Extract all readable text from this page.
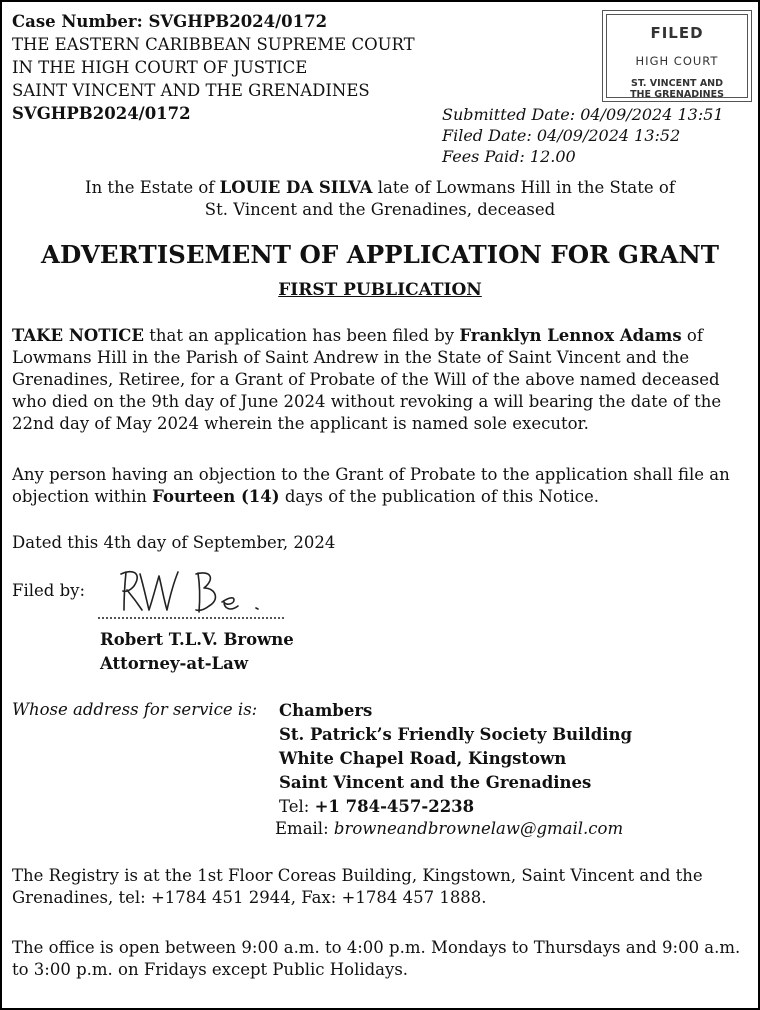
Case Number: SVGHPB2024/0172
THE EASTERN CARIBBEAN SUPREME COURT
IN THE HIGH COURT OF JUSTICE
SAINT VINCENT AND THE GRENADINES
SVGHPB2024/0172
FILED
HIGH COURT
ST. VINCENT AND
THE GRENADINES
Submitted Date: 04/09/2024 13:51
Filed Date: 04/09/2024 13:52
Fees Paid: 12.00
In the Estate of LOUIE DA SILVA late of Lowmans Hill in the State of
St. Vincent and the Grenadines, deceased
ADVERTISEMENT OF APPLICATION FOR GRANT
FIRST PUBLICATION
TAKE NOTICE that an application has been filed by Franklyn Lennox Adams of Lowmans Hill in the Parish of Saint Andrew in the State of Saint Vincent and the Grenadines, Retiree, for a Grant of Probate of the Will of the above named deceased who died on the 9th day of June 2024 without revoking a will bearing the date of the 22nd day of May 2024 wherein the applicant is named sole executor.
Any person having an objection to the Grant of Probate to the application shall file an objection within Fourteen (14) days of the publication of this Notice.
Dated this 4th day of September, 2024
Filed by:
Robert T.L.V. Browne
Attorney-at-Law
Whose address for service is: Chambers
St. Patrick’s Friendly Society Building
White Chapel Road, Kingstown
Saint Vincent and the Grenadines
Tel: +1 784-457-2238
Email: browneandbrownelaw@gmail.com
The Registry is at the 1st Floor Coreas Building, Kingstown, Saint Vincent and the Grenadines, tel: +1784 451 2944, Fax: +1784 457 1888.
The office is open between 9:00 a.m. to 4:00 p.m. Mondays to Thursdays and 9:00 a.m. to 3:00 p.m. on Fridays except Public Holidays.
